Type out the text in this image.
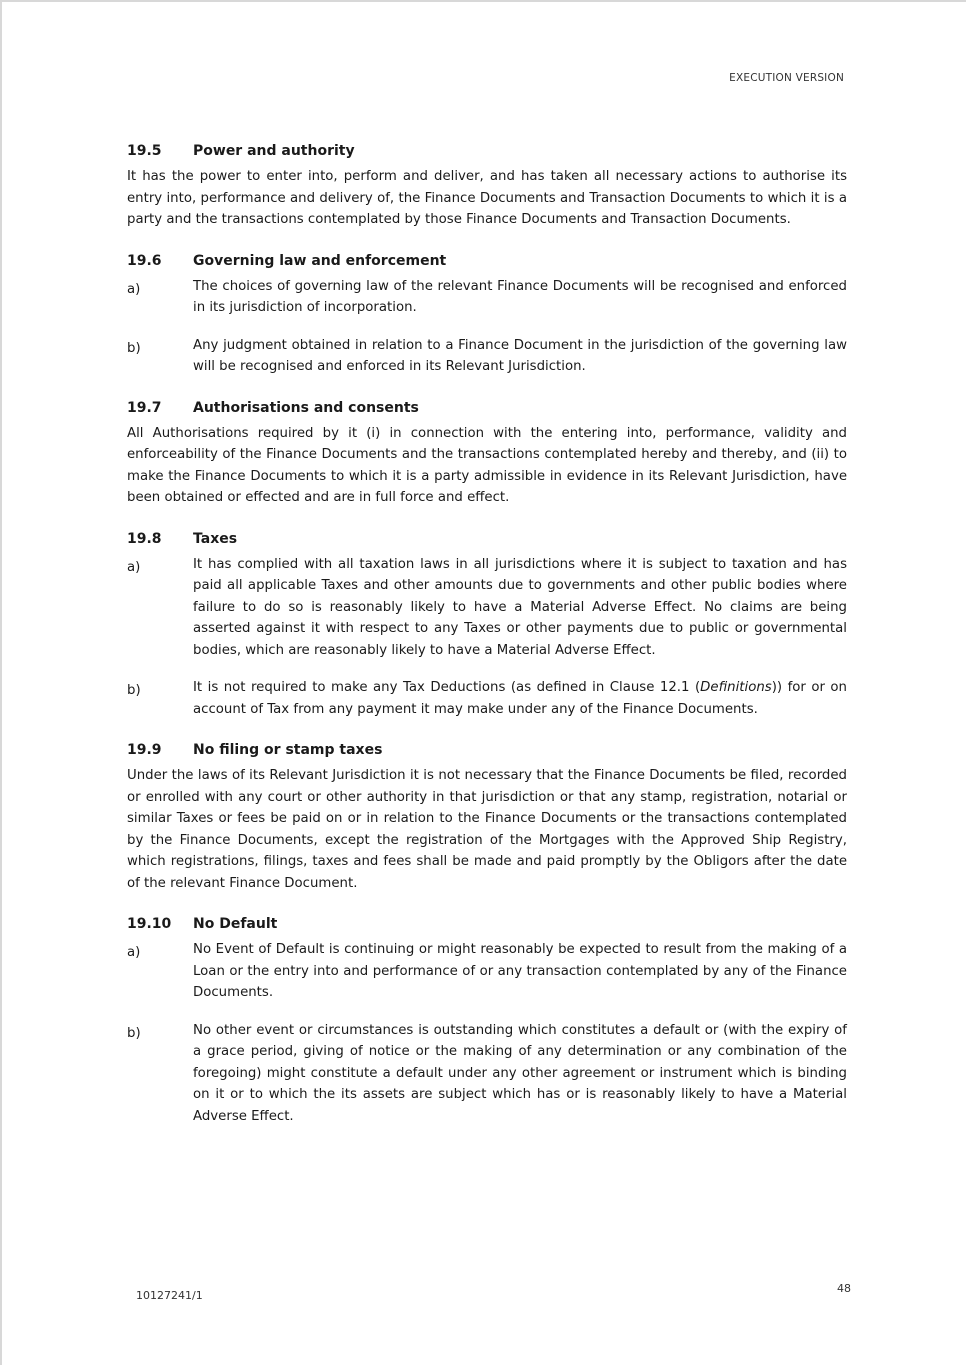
EXECUTION VERSION
19.5	Power and authority

It has the power to enter into, perform and deliver, and has taken all necessary actions to authorise its entry into, performance and delivery of, the Finance Documents and Transaction Documents to which it is a party and the transactions contemplated by those Finance Documents and Transaction Documents.

19.6	Governing law and enforcement
a)	The choices of governing law of the relevant Finance Documents will be recognised and enforced in its jurisdiction of incorporation.

b)	Any judgment obtained in relation to a Finance Document in the jurisdiction of the governing law will be recognised and enforced in its Relevant Jurisdiction.

19.7	Authorisations and consents

All Authorisations required by it (i) in connection with the entering into, performance, validity and enforceability of the Finance Documents and the transactions contemplated hereby and thereby, and (ii) to make the Finance Documents to which it is a party admissible in evidence in its Relevant Jurisdiction, have been obtained or effected and are in full force and effect.

19.8	Taxes
a)	It has complied with all taxation laws in all jurisdictions where it is subject to taxation and has paid all applicable Taxes and other amounts due to governments and other public bodies where failure to do so is reasonably likely to have a Material Adverse Effect. No claims are being asserted against it with respect to any Taxes or other payments due to public or governmental bodies, which are reasonably likely to have a Material Adverse Effect.

b)	It is not required to make any Tax Deductions (as defined in Clause 12.1 (Definitions)) for or on account of Tax from any payment it may make under any of the Finance Documents.

19.9	No filing or stamp taxes

Under the laws of its Relevant Jurisdiction it is not necessary that the Finance Documents be filed, recorded or enrolled with any court or other authority in that jurisdiction or that any stamp, registration, notarial or similar Taxes or fees be paid on or in relation to the Finance Documents or the transactions contemplated by the Finance Documents, except the registration of the Mortgages with the Approved Ship Registry, which registrations, filings, taxes and fees shall be made and paid promptly by the Obligors after the date of the relevant Finance Document.

19.10	No Default
a)	No Event of Default is continuing or might reasonably be expected to result from the making of a Loan or the entry into and performance of or any transaction contemplated by any of the Finance Documents.

b)	No other event or circumstances is outstanding which constitutes a default or (with the expiry of a grace period, giving of notice or the making of any determination or any combination of the foregoing) might constitute a default under any other agreement or instrument which is binding on it or to which the its assets are subject which has or is reasonably likely to have a Material Adverse Effect.

10127241/1
48
